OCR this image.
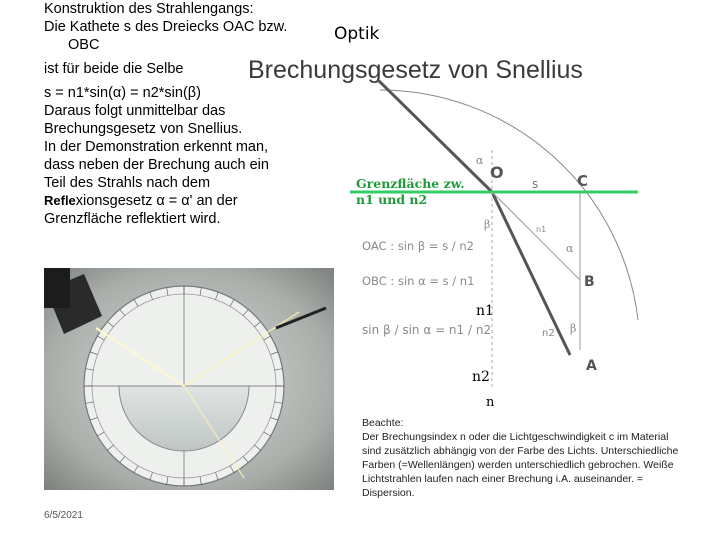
Optik
Brechungsgesetz von Snellius
Konstruktion des Strahlengangs:
Die Kathete s des Dreiecks OAC bzw.
OBC
ist für beide die Selbe
s = n1*sin(α) = n2*sin(β)
Daraus folgt unmittelbar das
Brechungsgesetz von Snellius.
In der Demonstration erkennt man,
dass neben der Brechung auch ein
Teil des Strahls nach dem
Reflexionsgesetz α = α' an der
Grenzfläche reflektiert wird.
Grenzfläche zw.
n1 und n2
O	C
B
A
s
α
β
α
β
n1
n2
OAC : sin β = s / n2
OBC : sin α = s / n1
sin β / sin α = n1 / n2
n1
n2
n
Beachte:
Der Brechungsindex n oder die Lichtgeschwindigkeit c im Material sind zusätzlich abhängig von der Farbe des Lichts. Unterschiedliche Farben (=Wellenlängen) werden unterschiedlich gebrochen. Weiße Lichtstrahlen laufen nach einer Brechung i.A. auseinander. = Dispersion.
6/5/2021
